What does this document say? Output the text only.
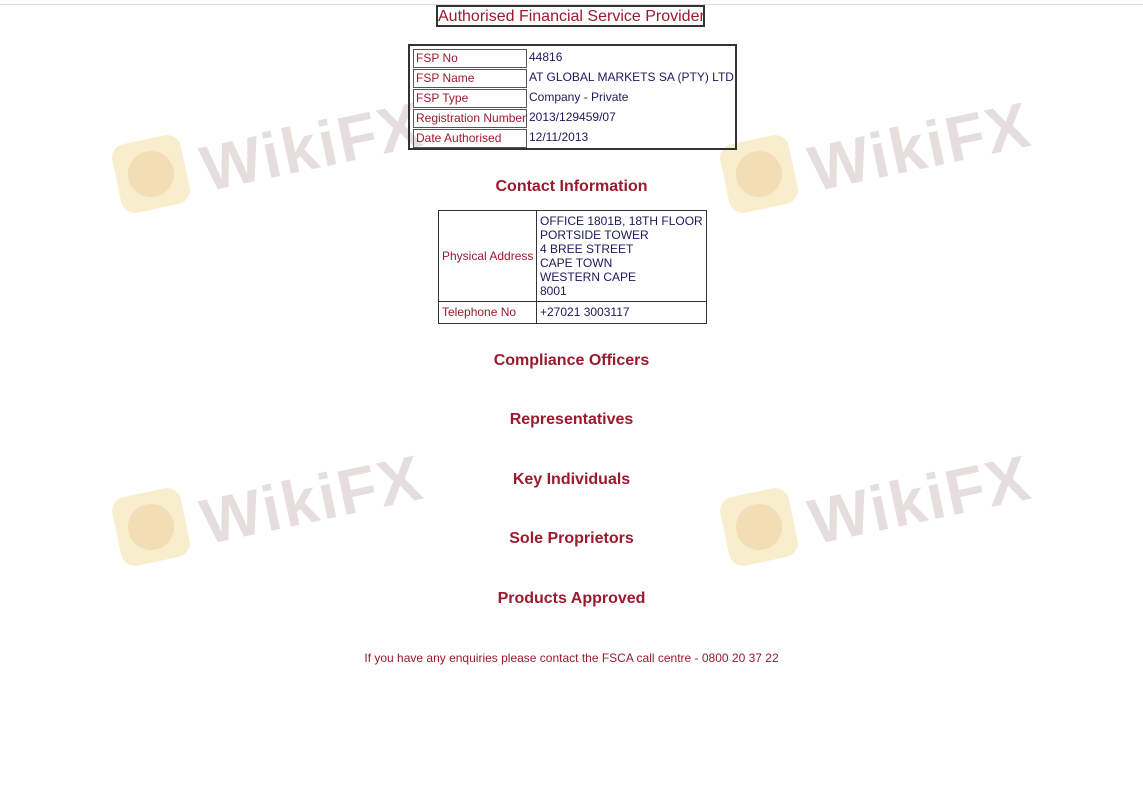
WikiFX	WikiFX
WikiFX	WikiFX
Authorised Financial Service Provider
FSP No	44816
FSP Name	AT GLOBAL MARKETS SA (PTY) LTD
FSP Type	Company - Private
Registration Number 2013/129459/07
Date Authorised	12/11/2013
Contact Information
Physical Address
OFFICE 1801B, 18TH FLOOR
PORTSIDE TOWER
4 BREE STREET
CAPE TOWN
WESTERN CAPE
8001
Telephone No +27021 3003117
Compliance Officers
Representatives
Key Individuals
Sole Proprietors
Products Approved
If you have any enquiries please contact the FSCA call centre - 0800 20 37 22
